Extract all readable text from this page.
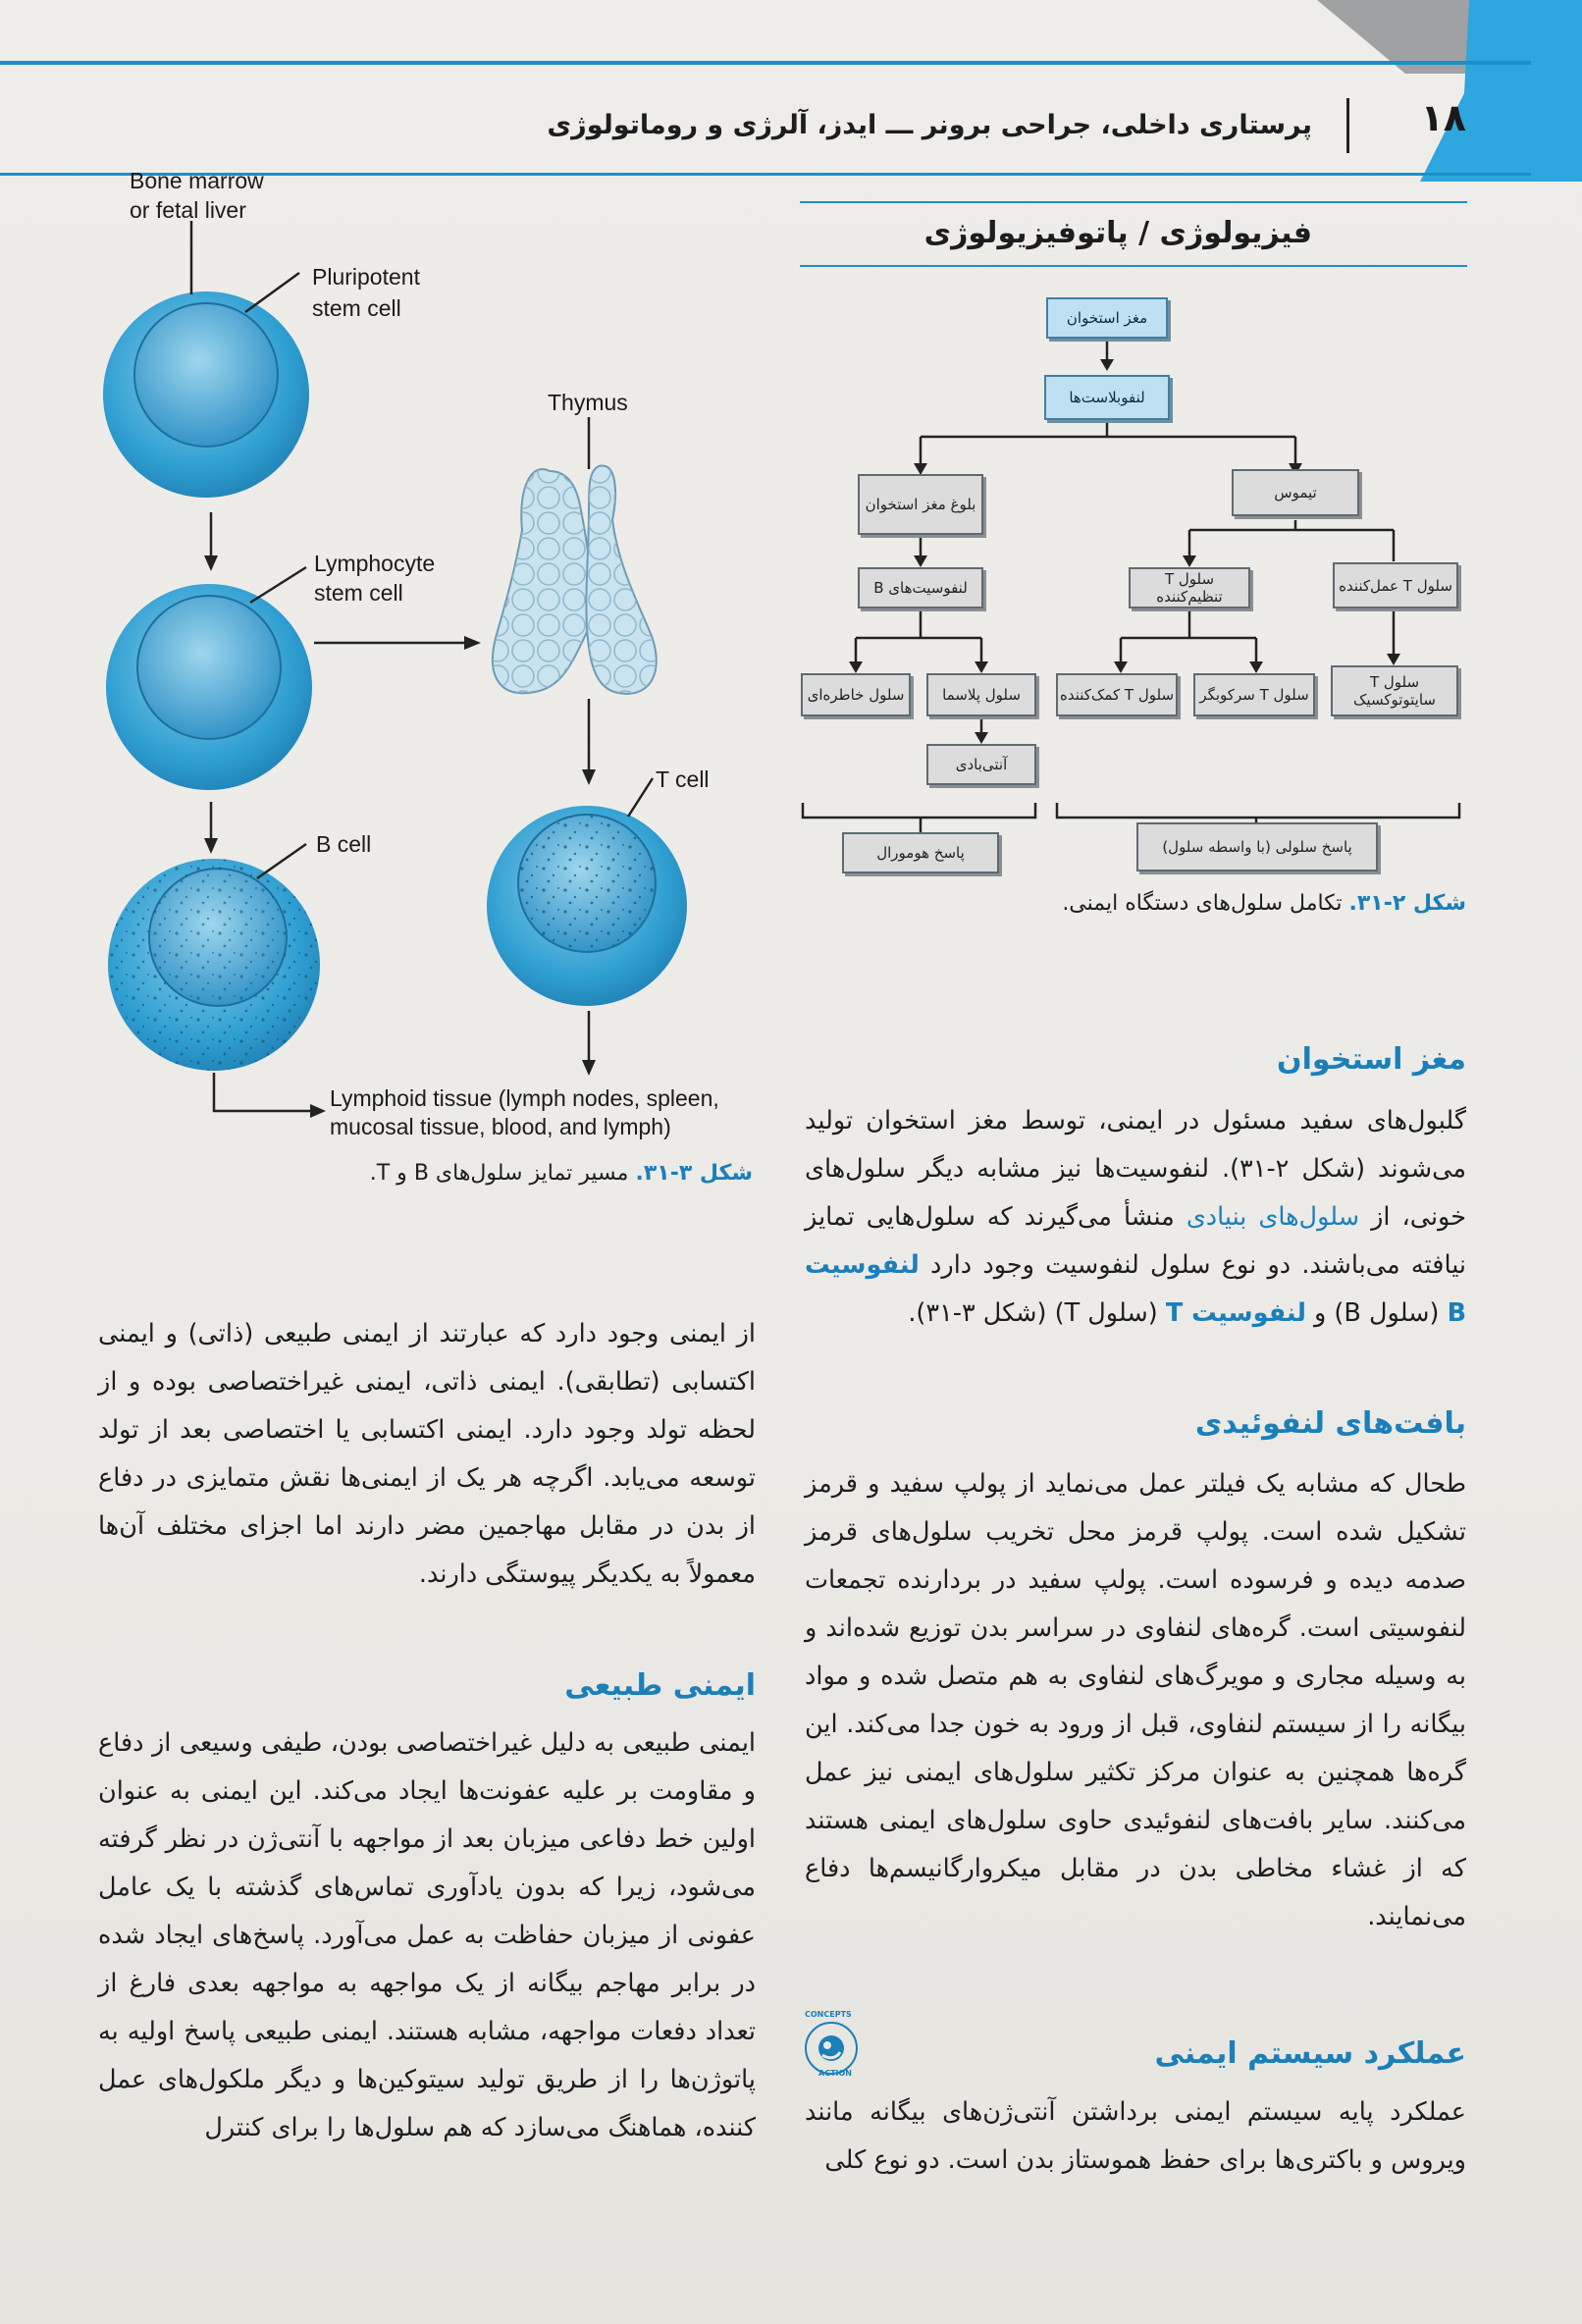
۱۸
پرستاری داخلی، جراحی برونر ـــ ایدز، آلرژی و روماتولوژی
فیزیولوژی / پاتوفیزیولوژی
مغز استخوان
لنفوبلاست‌ها
بلوغ مغز استخوان
تیموس
لنفوسیت‌های B	سلول T تنظیم‌کننده
سلول T عمل‌کننده
سلول خاطره‌ای	سلول پلاسما	سلول T کمک‌کننده	سلول T سرکوبگر
سلول T سایتوتوکسیک
آنتی‌بادی
پاسخ هومورال	پاسخ سلولی (با واسطه سلول)
شکل ۲-۳۱. تکامل سلول‌های دستگاه ایمنی.
Bone marrow
or fetal liver
Pluripotent
stem cell
Thymus
Lymphocyte
stem cell
T cell
B cell
Lymphoid tissue (lymph nodes, spleen,
mucosal tissue, blood, and lymph)
شکل ۳-۳۱. مسیر تمایز سلول‌های B و T.
مغز استخوان

گلبول‌های سفید مسئول در ایمنی، توسط مغز استخوان تولید می‌شوند (شکل ۲-۳۱). لنفوسیت‌ها نیز مشابه دیگر سلول‌های خونی، از سلول‌های بنیادی منشأ می‌گیرند که سلول‌هایی تمایز نیافته می‌باشند. دو نوع سلول لنفوسیت وجود دارد لنفوسیت B (سلول B) و لنفوسیت T (سلول T) (شکل ۳-۳۱).

بافت‌های لنفوئیدی

طحال که مشابه یک فیلتر عمل می‌نماید از پولپ سفید و قرمز تشکیل شده است. پولپ قرمز محل تخریب سلول‌های قرمز صدمه دیده و فرسوده است. پولپ سفید در بردارنده تجمعات لنفوسیتی است. گره‌های لنفاوی در سراسر بدن توزیع شده‌اند و به وسیله مجاری و مویرگ‌های لنفاوی به هم متصل شده و مواد بیگانه را از سیستم لنفاوی، قبل از ورود به خون جدا می‌کند. این گره‌ها همچنین به عنوان مرکز تکثیر سلول‌های ایمنی نیز عمل می‌کنند. سایر بافت‌های لنفوئیدی حاوی سلول‌های ایمنی هستند که از غشاء مخاطی بدن در مقابل میکروارگانیسم‌ها دفاع می‌نمایند.

CONCEPTS
ACTION
عملکرد سیستم ایمنی

عملکرد پایه سیستم ایمنی برداشتن آنتی‌ژن‌های بیگانه مانند ویروس و باکتری‌ها برای حفظ هموستاز بدن است. دو نوع کلی

از ایمنی وجود دارد که عبارتند از ایمنی طبیعی (ذاتی) و ایمنی اکتسابی (تطابقی). ایمنی ذاتی، ایمنی غیراختصاصی بوده و از لحظه تولد وجود دارد. ایمنی اکتسابی یا اختصاصی بعد از تولد توسعه می‌یابد. اگرچه هر یک از ایمنی‌ها نقش متمایزی در دفاع از بدن در مقابل مهاجمین مضر دارند اما اجزای مختلف آن‌ها معمولاً به یکدیگر پیوستگی دارند.

ایمنی طبیعی

ایمنی طبیعی به دلیل غیراختصاصی بودن، طیفی وسیعی از دفاع و مقاومت بر علیه عفونت‌ها ایجاد می‌کند. این ایمنی به عنوان اولین خط دفاعی میزبان بعد از مواجهه با آنتی‌ژن در نظر گرفته می‌شود، زیرا که بدون یادآوری تماس‌های گذشته با یک عامل عفونی از میزبان حفاظت به عمل می‌آورد. پاسخ‌های ایجاد شده در برابر مهاجم بیگانه از یک مواجهه به مواجهه بعدی فارغ از تعداد دفعات مواجهه، مشابه هستند. ایمنی طبیعی پاسخ اولیه به پاتوژن‌ها را از طریق تولید سیتوکین‌ها و دیگر ملکول‌های عمل کننده، هماهنگ می‌سازد که هم سلول‌ها را برای کنترل
